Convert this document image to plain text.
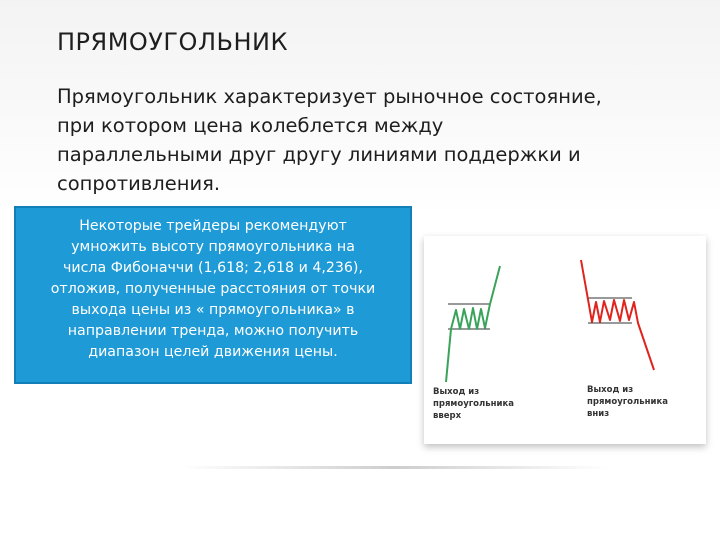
ПРЯМОУГОЛЬНИК
Прямоугольник характеризует рыночное состояние,
при котором цена колеблется между
параллельными друг другу линиями поддержки и
сопротивления.
Выход из
прямоугольника
вверх
Выход из
прямоугольника
вниз
Некоторые трейдеры рекомендуют
умножить высоту прямоугольника на
числа Фибоначчи (1,618; 2,618 и 4,236),
отложив, полученные расстояния от точки
выхода цены из « прямоугольника» в
направлении тренда, можно получить
диапазон целей движения цены.
